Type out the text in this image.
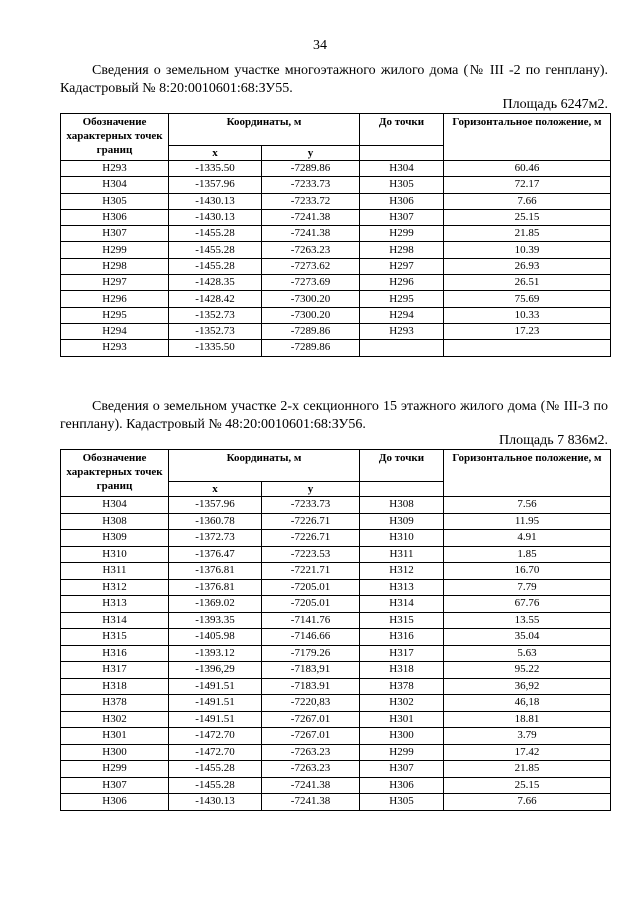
34

Сведения о земельном участке многоэтажного жилого дома (№ III -2 по генплану). Кадастровый № 8:20:0010601:68:ЗУ55.

Площадь 6247м2.
Обозначение характерных точек границ	Координаты, м		До точки	Горизонтальное положение, м
	х	у		
Н293	-1335.50	-7289.86	Н304	60.46
Н304	-1357.96	-7233.73	Н305	72.17
Н305	-1430.13	-7233.72	Н306	7.66
Н306	-1430.13	-7241.38	Н307	25.15
Н307	-1455.28	-7241.38	Н299	21.85
Н299	-1455.28	-7263.23	Н298	10.39
Н298	-1455.28	-7273.62	Н297	26.93
Н297	-1428.35	-7273.69	Н296	26.51
Н296	-1428.42	-7300.20	Н295	75.69
Н295	-1352.73	-7300.20	Н294	10.33
Н294	-1352.73	-7289.86	Н293	17.23
Н293	-1335.50	-7289.86		

Сведения о земельном участке 2-х секционного 15 этажного жилого дома (№ III-3 по генплану). Кадастровый № 48:20:0010601:68:ЗУ56.

Площадь 7 836м2.
Обозначение характерных точек границ	Координаты, м		До точки	Горизонтальное положение, м
	х	у		
Н304	-1357.96	-7233.73	Н308	7.56
Н308	-1360.78	-7226.71	Н309	11.95
Н309	-1372.73	-7226.71	Н310	4.91
Н310	-1376.47	-7223.53	Н311	1.85
Н311	-1376.81	-7221.71	Н312	16.70
Н312	-1376.81	-7205.01	Н313	7.79
Н313	-1369.02	-7205.01	Н314	67.76
Н314	-1393.35	-7141.76	Н315	13.55
Н315	-1405.98	-7146.66	Н316	35.04
Н316	-1393.12	-7179.26	Н317	5.63
Н317	-1396,29	-7183,91	Н318	95.22
Н318	-1491.51	-7183.91	Н378	36,92
Н378	-1491.51	-7220,83	Н302	46,18
Н302	-1491.51	-7267.01	Н301	18.81
Н301	-1472.70	-7267.01	Н300	3.79
Н300	-1472.70	-7263.23	Н299	17.42
Н299	-1455.28	-7263.23	Н307	21.85
Н307	-1455.28	-7241.38	Н306	25.15
Н306	-1430.13	-7241.38	Н305	7.66
